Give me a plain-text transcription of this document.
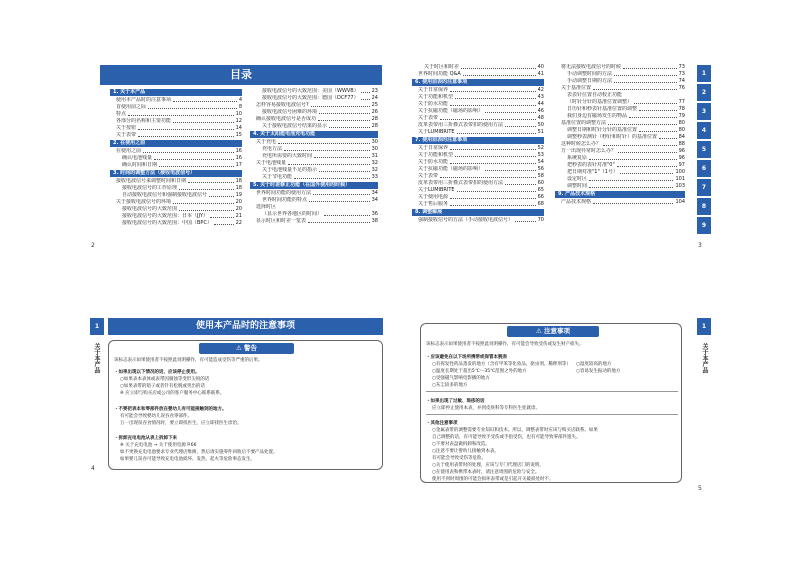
目录
1. 关于本产品
使用本产品时的注意事项	4
首使用前之际	8
特点	10
各部分的名称和主要功能	12
关于按钮	14
关于表带	15
2. 在使用之前
在使用之前	16
确认电池残量	16
确认时间和日期	17
3. 时间的调整方法（接收电波信号）
接收电波信号来调整时间和日期	18
接收电波信号的工作原理	18
自动接收电波信号和强制接收电波信号	19
关于接收电波信号的环境	20
接收电波信号的大致范围	20
接收电波信号的大致范围：日本（JJY）	21
接收电波信号的大致范围：中国（BPC）	22
接收电波信号的大致范围：美国（WWVB）	23
接收电波信号的大致范围：德国（DCF77）	24
怎样容易接收电波信号?	25
接收电波信号困难的环境	26
确认接收电波信号是否成功	28
关于接收电波信号结果的显示	28
4. 关于太阳能电池充电功能
关于充电	30
充电方法	30
充电所需要的大致时间	31
关于电池残量	32
关于电池残量不足的指示	32
关于节电功能	33
5. 关于时差修正功能（在国外使用的时候）
世界时间功能的使用方法	34
世界时间功能的特点	34
选择时区
（显示世界各地区的时间）	36
显示时区和时差一览表	38
2
关于时区和时差	40
世界时间功能 Q&A	41
6. 使用前表的注意事项
关于日常保养	42
关于功能和机型	43
关于防水功能	44
关于抗磁功能（磁场的影响）	46
关于表带	48
皮革表带用三折叠式表带扣的使用方法	50
关于LUMIBRITE	51
7. 使用前表的注意事项
关于日常保养	52
关于功能和机型	53
关于防水功能	54
关于抗磁功能（磁场的影响）	56
关于表带	58
皮革表带用三折叠式表带扣的使用方法	60
关于LUMIBRITE	65
关于使用电源	66
关于售后服务	68
8. 调整解展
强制接收信号的方法（手动接收电波信号）	70
将无法接收电波信号的时候	73
手动调整时间的方法	73
手动调整日期的方法	74
关于基准位置	76
表表针位置自动校正功能
（时针分针的基准位置调整）	77
日历针和秒表针基准位置的调整	78
我们身边有磁场发生的物品	79
基准位置的调整方法	80
调整日期和时针分针的基准位置	80
调整秒表测针（秒针和时针）的基准位置	84
这种时候怎么办？	88
万一出现异常时怎么办？	96
系统复原	96
把秒表的表针对准"0"	97
把日期对准"1"（1号）	100
设定时区	101
调整时间	103
9. 产品技术规格
产品技术规格	104
1
2
3
4
5
6
7
8
9
3
1
关于本产品
使用本产品时的注意事项
⚠ 警告
该标志表示如果使用者不按照此说明操作，有可能造成受伤等严重的后果。
・如果出现以下情况的话，应该停止使用。
○如果表本表体或表带因腐蚀等变形尖锐的话
○如果表带的销子或者针有松脱或突出的话
※ 应立即与购买店或公司的客户服务中心联系联系。
・不要把表本和零部件放在婴幼儿有可能接触到的地方。
有可能会导致婴幼儿误吞食零部件。
万一出现误吞食情况时，要立即找医生，应立即找医生诊治。
・拆卸充电电池从表上拆卸下来
※ 关于充电电池 → 关于使用电源 P.66
如不更换充电电池要求专业代理店维修，然后请实施零件回收后不要产品处置。
如果婴儿误吞可能导致充电电池损坏、发热、起火等危险事态发生。
4
⚠ 注意事项
该标志表示如果使用者不按照此说明操作，有可能会导致受伤或发生财产损失。
・应该避免在以下场所携带或保管本腕表
○有挥发性药品蒸发的地方（含有甲苯等化妆品、驱虫剂、稀释剂等）
○温度长期处于超出5℃～35℃范围之外的地方
○受强磁气影响电影播的地方
○灰尘较多的地方
○湿度较高的地方
○容易发生振动的地方
・如果出现了过敏、斑疹的话
应立即停止使用本表，并到皮肤科等专科医生处就诊。
・其他注意事项
○金属表带的调整需要专业知识和技术。所以，调整表带时应该与购买店联系。如果
自己调整的话，有可能导致手受伤或手指受伤，也有可能导致零部件遗失。
○不要对表盘做拆卸和改造。
○注意不要让婴幼儿接触到本表。
有可能会导致受伤等危险。
○关于使用表带时的处理，应该与专门代理店门的说明。
○在使用表和携带本表时，请注意周围的危险与安全。
使用不到时周围的可能会损坏表带或是引起开关破损处时不。
1
关于本产品
5
